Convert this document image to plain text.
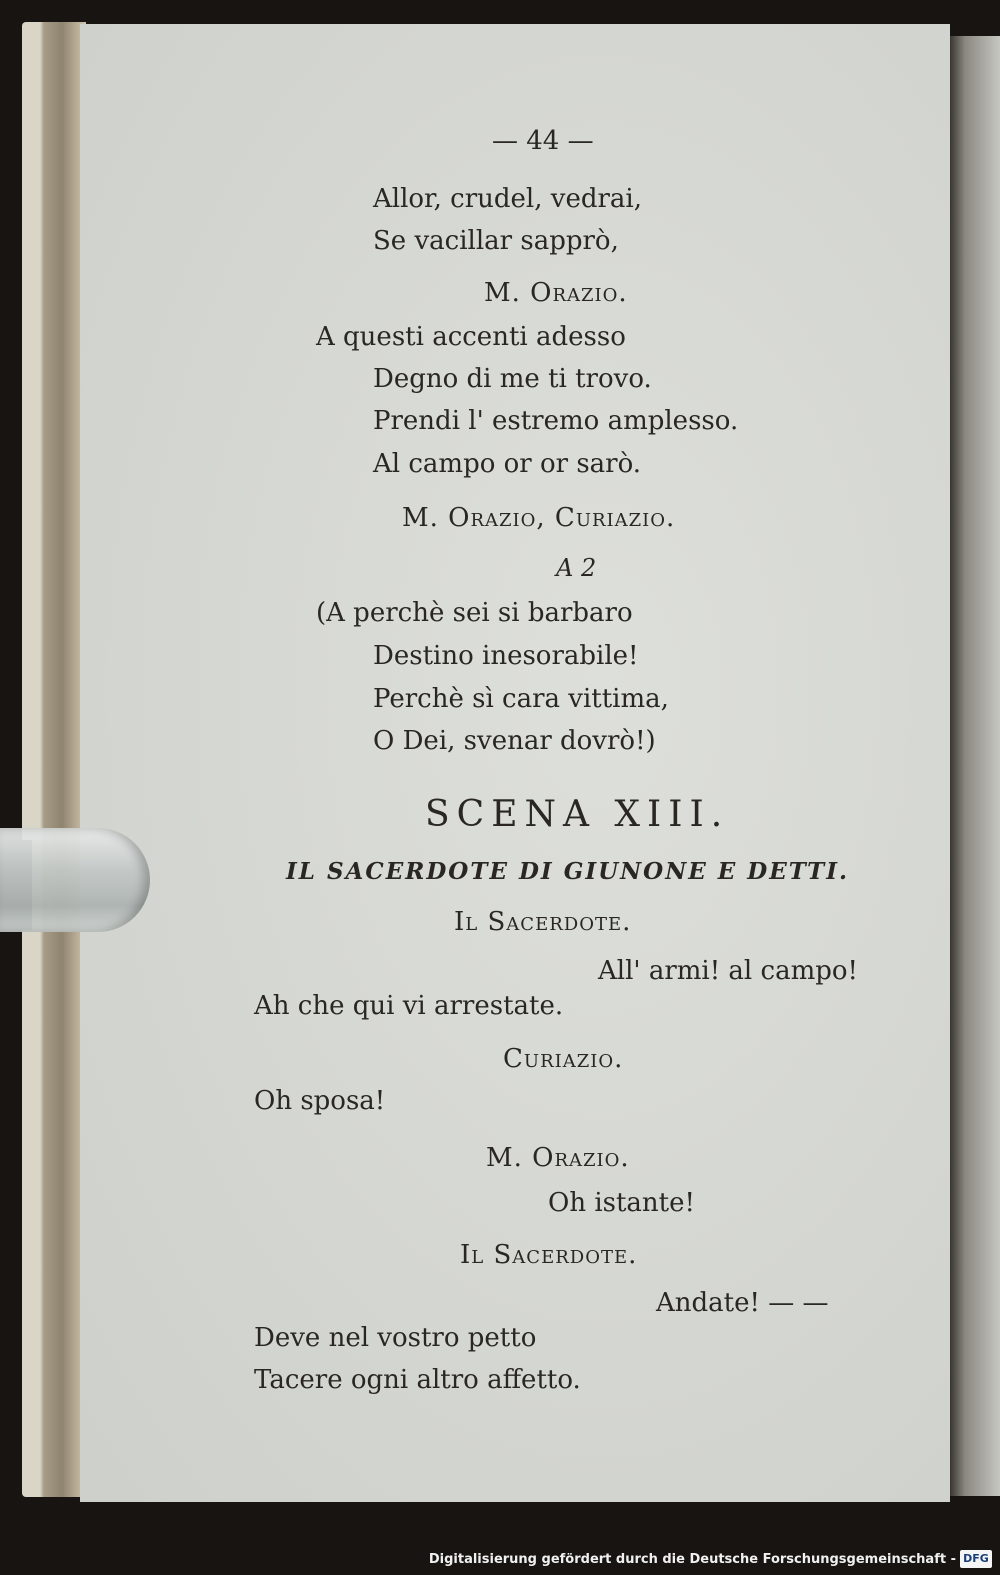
— 44 —
Allor, crudel, vedrai,
Se vacillar sapprò,
M. Orazio.
A questi accenti adesso
Degno di me ti trovo.
Prendi l' estremo amplesso.
Al campo or or sarò.
M. Orazio, Curiazio.
A 2
(A perchè sei si barbaro
Destino inesorabile!
Perchè sì cara vittima,
O Dei, svenar dovrò!)
SCENA XIII.
IL SACERDOTE DI GIUNONE E DETTI.
Il Sacerdote.
All' armi! al campo!
Ah che qui vi arrestate.
Curiazio.
Oh sposa!
M. Orazio.
Oh istante!
Il Sacerdote.
Andate! — —
Deve nel vostro petto
Tacere ogni altro affetto.
Digitalisierung gefördert durch die Deutsche Forschungsgemeinschaft - DFG
